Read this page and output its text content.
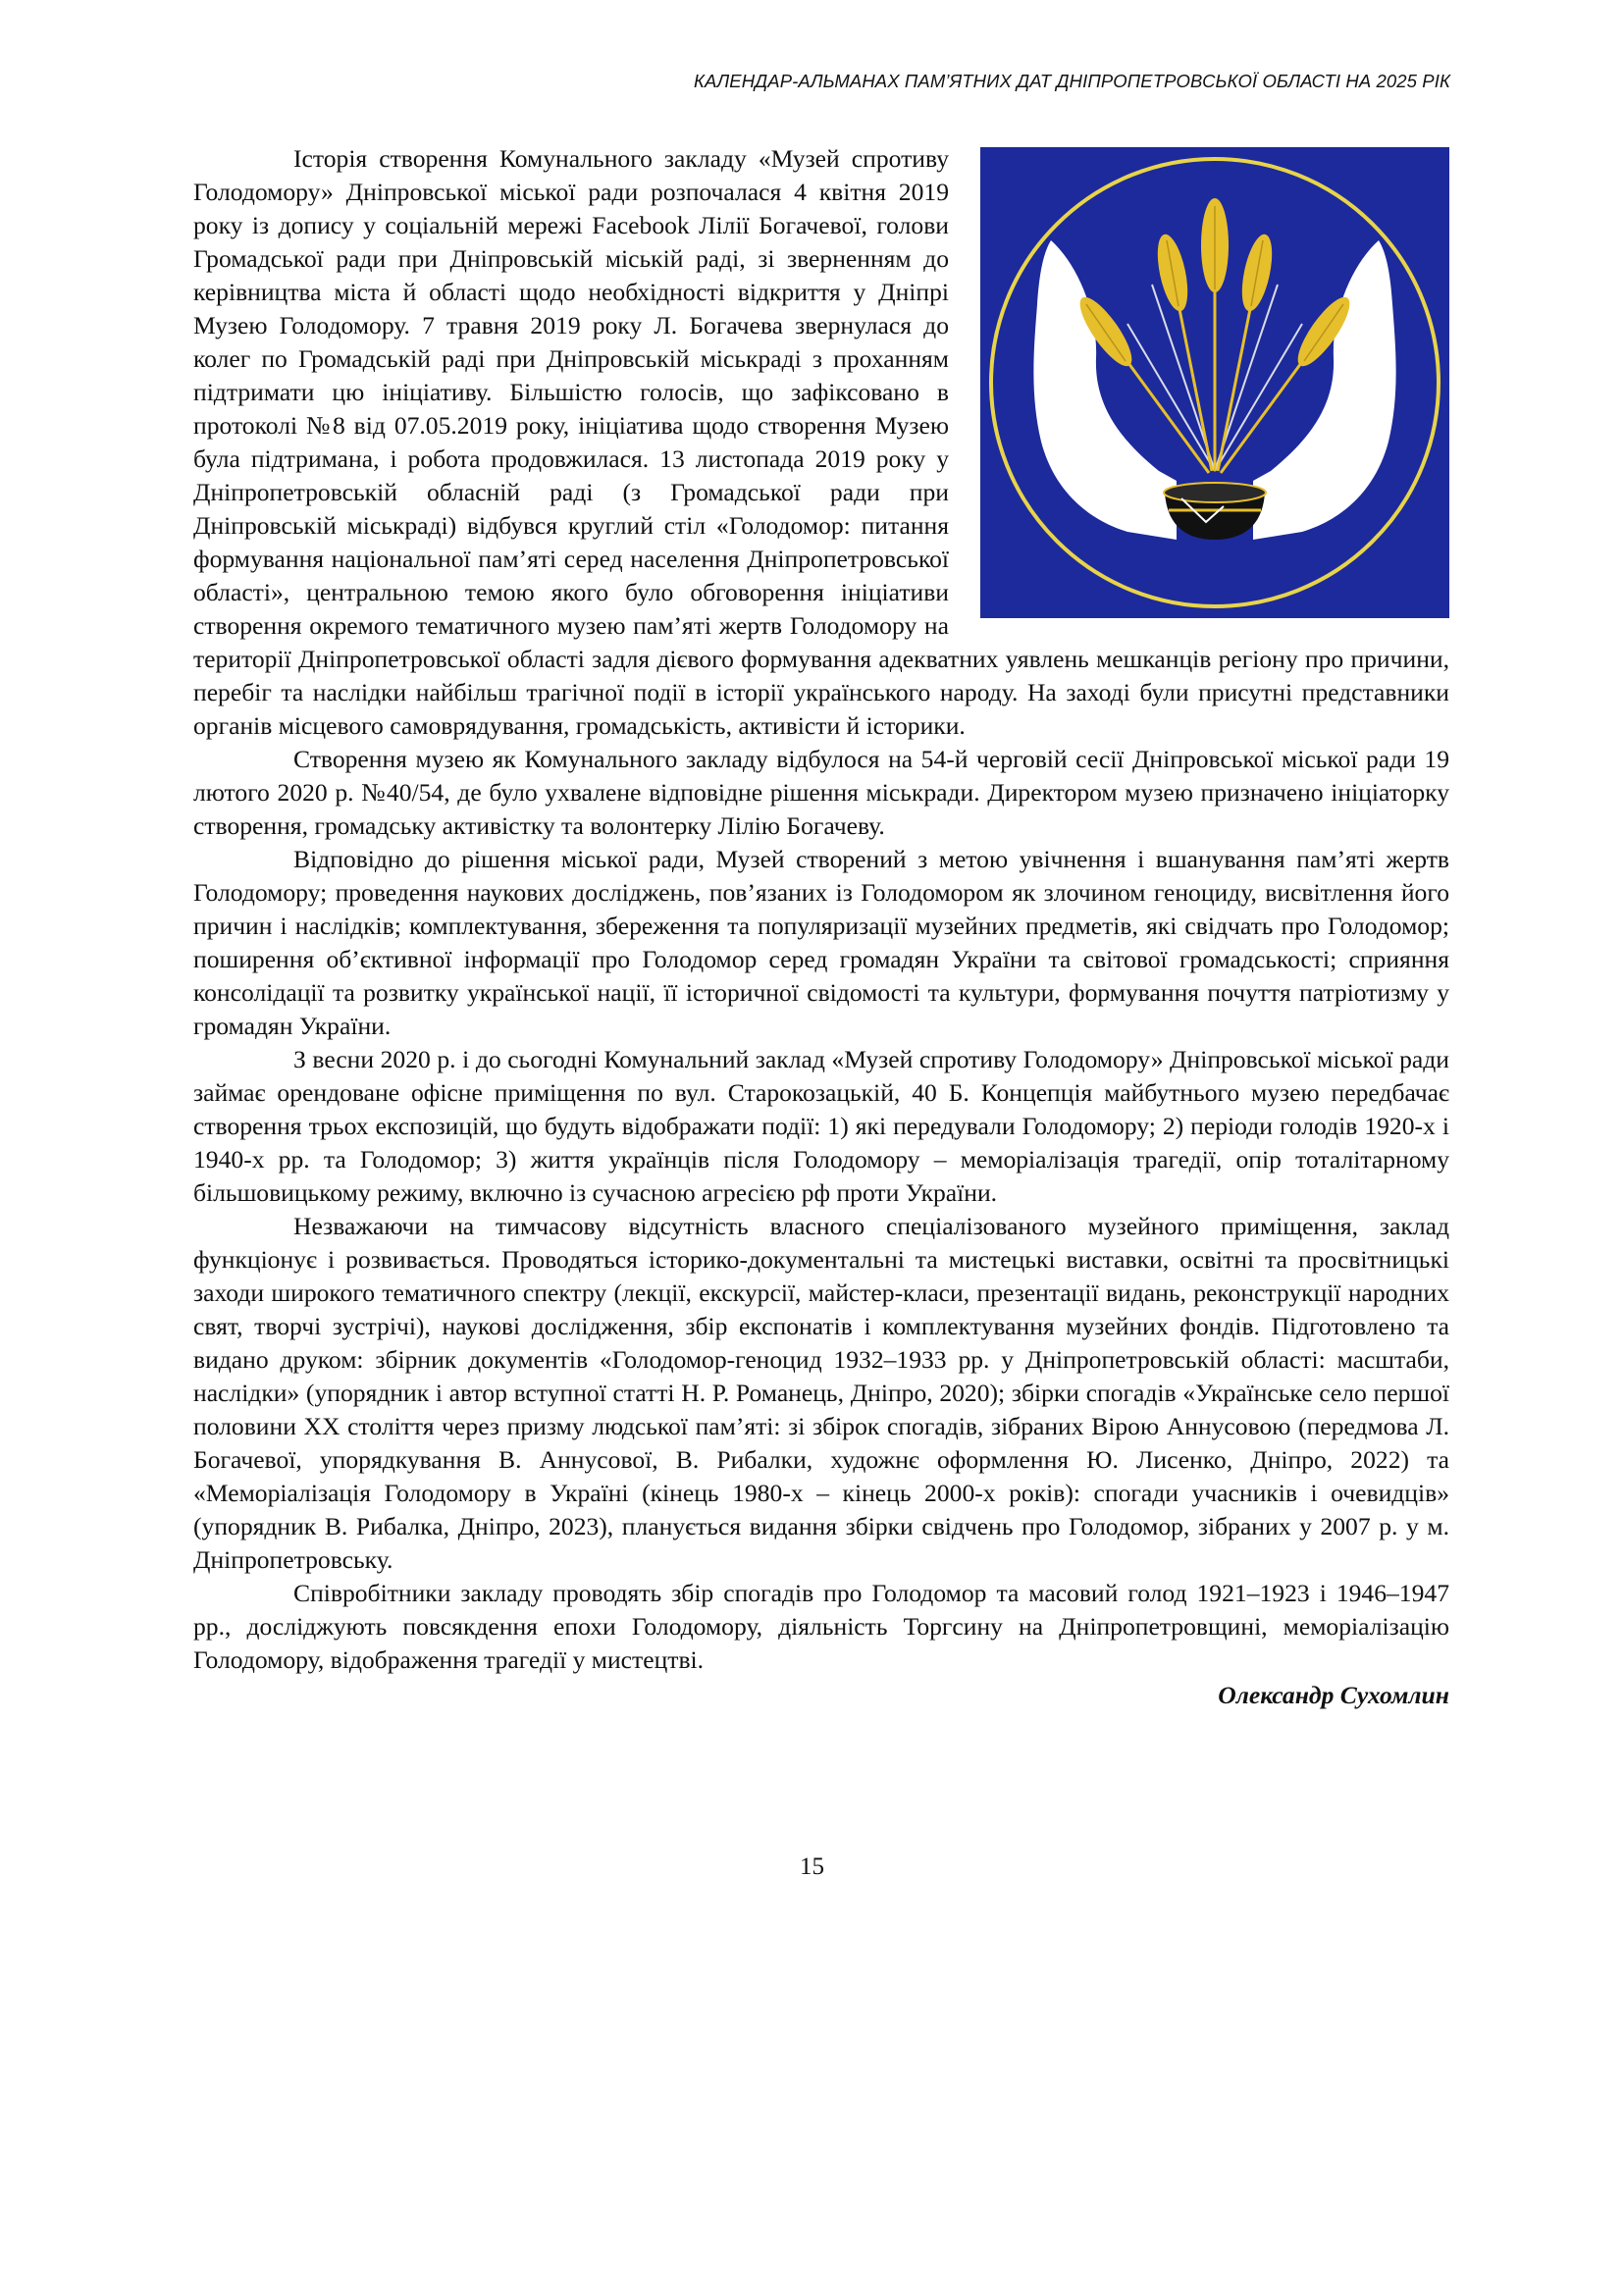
КАЛЕНДАР-АЛЬМАНАХ ПАМ’ЯТНИХ ДАТ ДНІПРОПЕТРОВСЬКОЇ ОБЛАСТІ НА 2025 РІК

Історія створення Комунального закладу «Музей спротиву Голодомору» Дніпровської міської ради розпочалася 4 квітня 2019 року із допису у соціальній мережі Facebook Лілії Богачевої, голови Громадської ради при Дніпровській міській раді, зі зверненням до керівництва міста й області щодо необхідності відкриття у Дніпрі Музею Голодомору. 7 травня 2019 року Л. Богачева звернулася до колег по Громадській раді при Дніпровській міськраді з проханням підтримати цю ініціативу. Більшістю голосів, що зафіксовано в протоколі №8 від 07.05.2019 року, ініціатива щодо створення Музею була підтримана, і робота продовжилася. 13 листопада 2019 року у Дніпропетровській обласній раді (з Громадської ради при Дніпровській міськраді) відбувся круглий стіл «Голодомор: питання формування національної пам’яті серед населення Дніпропетровської області», центральною темою якого було обговорення ініціативи створення окремого тематичного музею пам’яті жертв Голодомору на території Дніпропетровської області задля дієвого формування адекватних уявлень мешканців регіону про причини, перебіг та наслідки найбільш трагічної події в історії українського народу. На заході були присутні представники органів місцевого самоврядування, громадськість, активісти й історики.

Створення музею як Комунального закладу відбулося на 54-й черговій сесії Дніпровської міської ради 19 лютого 2020 р. №40/54, де було ухвалене відповідне рішення міськради. Директором музею призначено ініціаторку створення, громадську активістку та волонтерку Лілію Богачеву.

Відповідно до рішення міської ради, Музей створений з метою увічнення і вшанування пам’яті жертв Голодомору; проведення наукових досліджень, пов’язаних із Голодомором як злочином геноциду, висвітлення його причин і наслідків; комплектування, збереження та популяризації музейних предметів, які свідчать про Голодомор; поширення об’єктивної інформації про Голодомор серед громадян України та світової громадськості; сприяння консолідації та розвитку української нації, її історичної свідомості та культури, формування почуття патріотизму у громадян України.

З весни 2020 р. і до сьогодні Комунальний заклад «Музей спротиву Голодомору» Дніпровської міської ради займає орендоване офісне приміщення по вул. Старокозацькій, 40 Б. Концепція майбутнього музею передбачає створення трьох експозицій, що будуть відображати події: 1) які передували Голодомору; 2) періоди голодів 1920-х і 1940-х рр. та Голодомор; 3) життя українців після Голодомору – меморіалізація трагедії, опір тоталітарному більшовицькому режиму, включно із сучасною агресією рф проти України.

Незважаючи на тимчасову відсутність власного спеціалізованого музейного приміщення, заклад функціонує і розвивається. Проводяться історико-документальні та мистецькі виставки, освітні та просвітницькі заходи широкого тематичного спектру (лекції, екскурсії, майстер-класи, презентації видань, реконструкції народних свят, творчі зустрічі), наукові дослідження, збір експонатів і комплектування музейних фондів. Підготовлено та видано друком: збірник документів «Голодомор-геноцид 1932–1933 рр. у Дніпропетровській області: масштаби, наслідки» (упорядник і автор вступної статті Н. Р. Романець, Дніпро, 2020); збірки спогадів «Українське село першої половини ХХ століття через призму людської пам’яті: зі збірок спогадів, зібраних Вірою Аннусовою (передмова Л. Богачевої, упорядкування В. Аннусової, В. Рибалки, художнє оформлення Ю. Лисенко, Дніпро, 2022) та «Меморіалізація Голодомору в Україні (кінець 1980-х – кінець 2000-х років): спогади учасників і очевидців» (упорядник В. Рибалка, Дніпро, 2023), планується видання збірки свідчень про Голодомор, зібраних у 2007 р. у м. Дніпропетровську.

Співробітники закладу проводять збір спогадів про Голодомор та масовий голод 1921–1923 і 1946–1947 рр., досліджують повсякдення епохи Голодомору, діяльність Торгсину на Дніпропетровщині, меморіалізацію Голодомору, відображення трагедії у мистецтві.

Олександр Сухомлин
15
